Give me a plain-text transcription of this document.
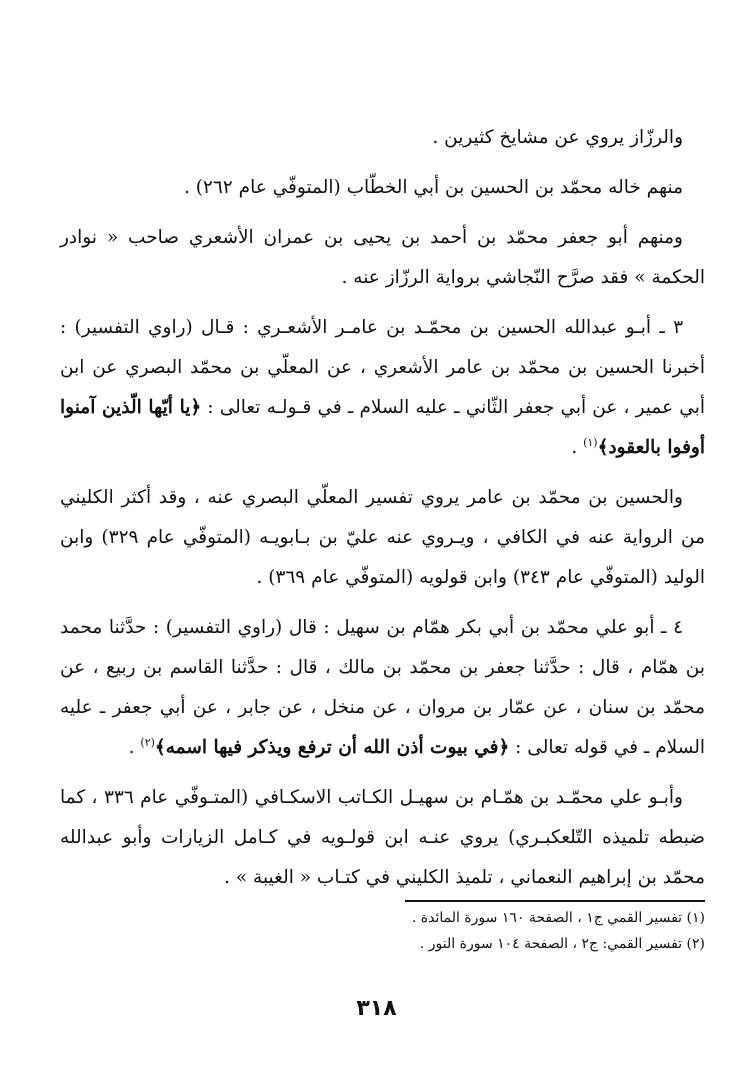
والرزّاز يروي عن مشايخ كثيرين .

منهم خاله محمّد بن الحسين بن أبي الخطّاب (المتوفّي عام ٢٦٢) .

ومنهم أبو جعفر محمّد بن أحمد بن يحيى بن عمران الأشعري صاحب « نوادر الحكمة » فقد صرَّح النّجاشي برواية الرزّاز عنه .

٣ ـ أبـو عبدالله الحسين بن محمّـد بن عامـر الأشعـري : قـال (راوي التفسير) : أخبرنا الحسين بن محمّد بن عامر الأشعري ، عن المعلّي بن محمّد البصري عن ابن أبي عمير ، عن أبي جعفر الثّاني ـ عليه السلام ـ في قـولـه تعالى : ﴿يا أيّها الّذين آمنوا أوفوا بالعقود﴾$^{(١)}$ .

والحسين بن محمّد بن عامر يروي تفسير المعلّي البصري عنه ، وقد أكثر الكليني من الرواية عنه في الكافي ، ويـروي عنه عليّ بن بـابويـه (المتوفّي عام ٣٢٩) وابن الوليد (المتوفّي عام ٣٤٣) وابن قولويه (المتوفّي عام ٣٦٩) .

٤ ـ أبو علي محمّد بن أبي بكر همّام بن سهيل : قال (راوي التفسير) : حدَّثنا محمد بن همّام ، قال : حدَّثنا جعفر بن محمّد بن مالك ، قال : حدَّثنا القاسم بن ربيع ، عن محمّد بن سنان ، عن عمّار بن مروان ، عن منخل ، عن جابر ، عن أبي جعفر ـ عليه السلام ـ في قوله تعالى : ﴿في بيوت أذن الله أن ترفع ويذكر فيها اسمه﴾$^{(٢)}$ .

وأبـو علي محمّـد بن همّـام بن سهيـل الكـاتب الاسكـافي (المتـوفّي عام ٣٣٦ ، كما ضبطه تلميذه التّلعكبـري) يروي عنـه ابن قولـويه في كـامل الزيارات وأبو عبدالله محمّد بن إبراهيم النعماني ، تلميذ الكليني في كتـاب « الغيبة » .

(١) تفسير القمي ج١ ، الصفحة ١٦٠ سورة المائدة .

(٢) تفسير القمي: ج٢ ، الصفحة ١٠٤ سورة النور .

٣١٨
